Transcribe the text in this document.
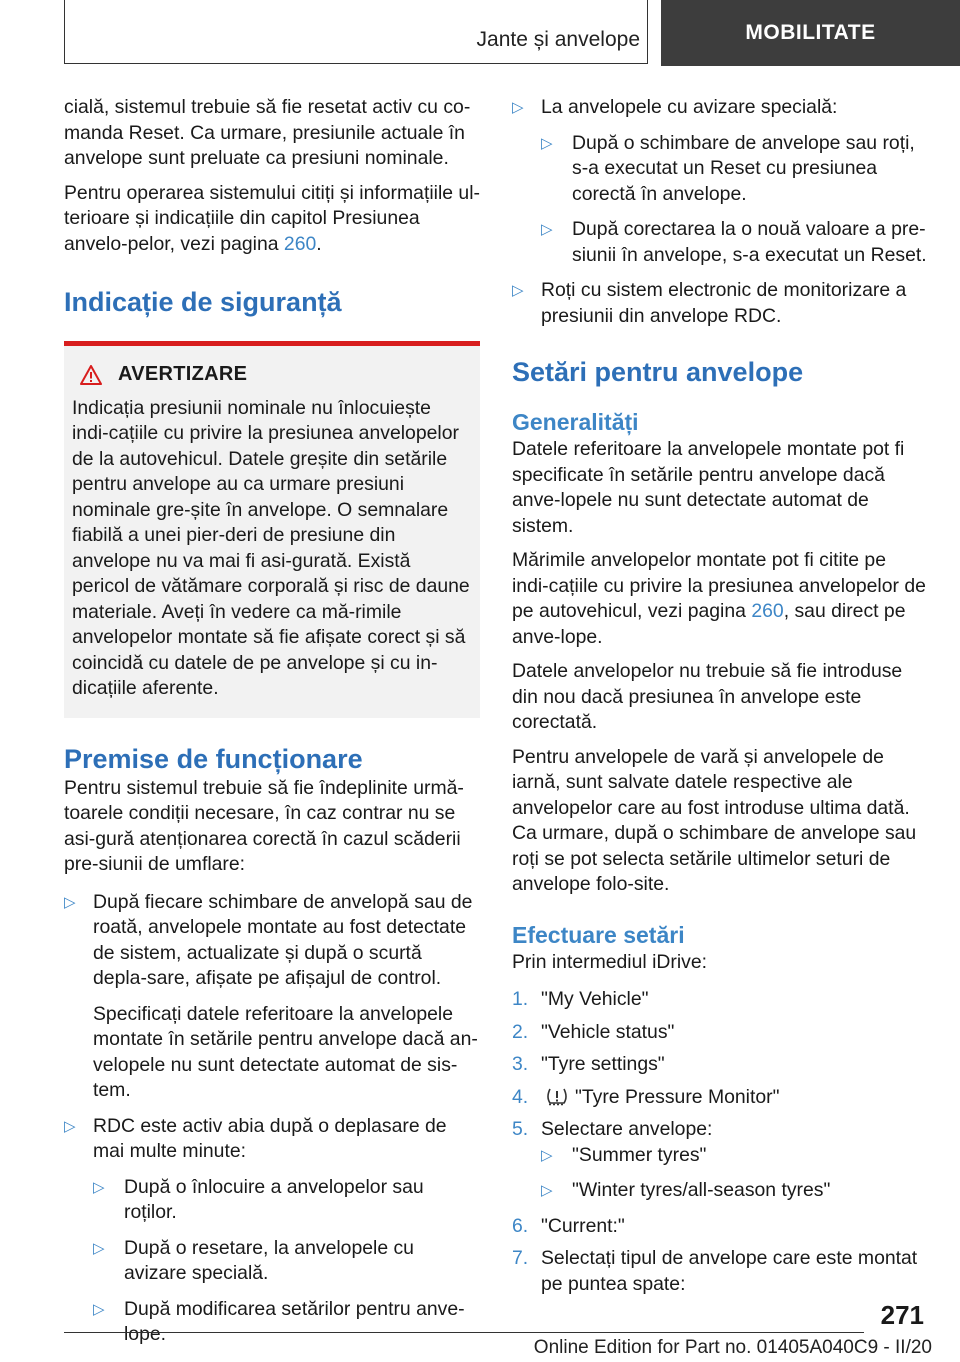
Jante și anvelope	MOBILITATE

cială, sistemul trebuie să fie resetat activ cu co‐manda Reset. Ca urmare, presiunile actuale în anvelope sunt preluate ca presiuni nominale.

Pentru operarea sistemului citiți și informațiile ul‐terioare și indicațiile din capitol Presiunea anvelo‐pelor, vezi pagina 260.

Indicație de siguranță
AVERTIZARE

Indicația presiunii nominale nu înlocuiește indi‐cațiile cu privire la presiunea anvelopelor de la autovehicul. Datele greșite din setările pentru anvelope au ca urmare presiuni nominale gre‐șite în anvelope. O semnalare fiabilă a unei pier‐deri de presiune din anvelope nu va mai fi asi‐gurată. Există pericol de vătămare corporală și risc de daune materiale. Aveți în vedere ca mă‐rimile anvelopelor montate să fie afișate corect și să coincidă cu datele de pe anvelope și cu in‐dicațiile aferente.

Premise de funcționare

Pentru sistemul trebuie să fie îndeplinite urmă‐toarele condiții necesare, în caz contrar nu se asi‐gură atenționarea corectă în cazul scăderii pre‐siunii de umflare:

▷ După fiecare schimbare de anvelopă sau de roată, anvelopele montate au fost detectate de sistem, actualizate și după o scurtă depla‐sare, afișate pe afișajul de control.
Specificați datele referitoare la anvelopele montate în setările pentru anvelope dacă an‐velopele nu sunt detectate automat de sis‐tem.
▷ RDC este activ abia după o deplasare de mai multe minute:
▷ După o înlocuire a anvelopelor sau roților.
▷ După o resetare, la anvelopele cu avizare specială.
▷ După modificarea setărilor pentru anve‐lope.
▷ La anvelopele cu avizare specială:
▷ După o schimbare de anvelope sau roți, s-a executat un Reset cu presiunea corectă în anvelope.
▷ După corectarea la o nouă valoare a pre‐siunii în anvelope, s-a executat un Reset.
▷ Roți cu sistem electronic de monitorizare a presiunii din anvelope RDC.
Setări pentru anvelope
Generalități

Datele referitoare la anvelopele montate pot fi specificate în setările pentru anvelope dacă anve‐lopele nu sunt detectate automat de sistem.

Mărimile anvelopelor montate pot fi citite pe indi‐cațiile cu privire la presiunea anvelopelor de pe autovehicul, vezi pagina 260, sau direct pe anve‐lope.

Datele anvelopelor nu trebuie să fie introduse din nou dacă presiunea în anvelope este corectată.

Pentru anvelopele de vară și anvelopele de iarnă, sunt salvate datele respective ale anvelopelor care au fost introduse ultima dată. Ca urmare, după o schimbare de anvelope sau roți se pot selecta setările ultimelor seturi de anvelope folo‐site.

Efectuare setări

Prin intermediul iDrive:

1. "My Vehicle"
2. "Vehicle status"
3. "Tyre settings"
4. "Tyre Pressure Monitor"
5. Selectare anvelope:
▷ "Summer tyres"
▷ "Winter tyres/all-season tyres"
6. "Current:"
7. Selectați tipul de anvelope care este montat pe puntea spate:
271
Online Edition for Part no. 01405A040C9 - II/20
